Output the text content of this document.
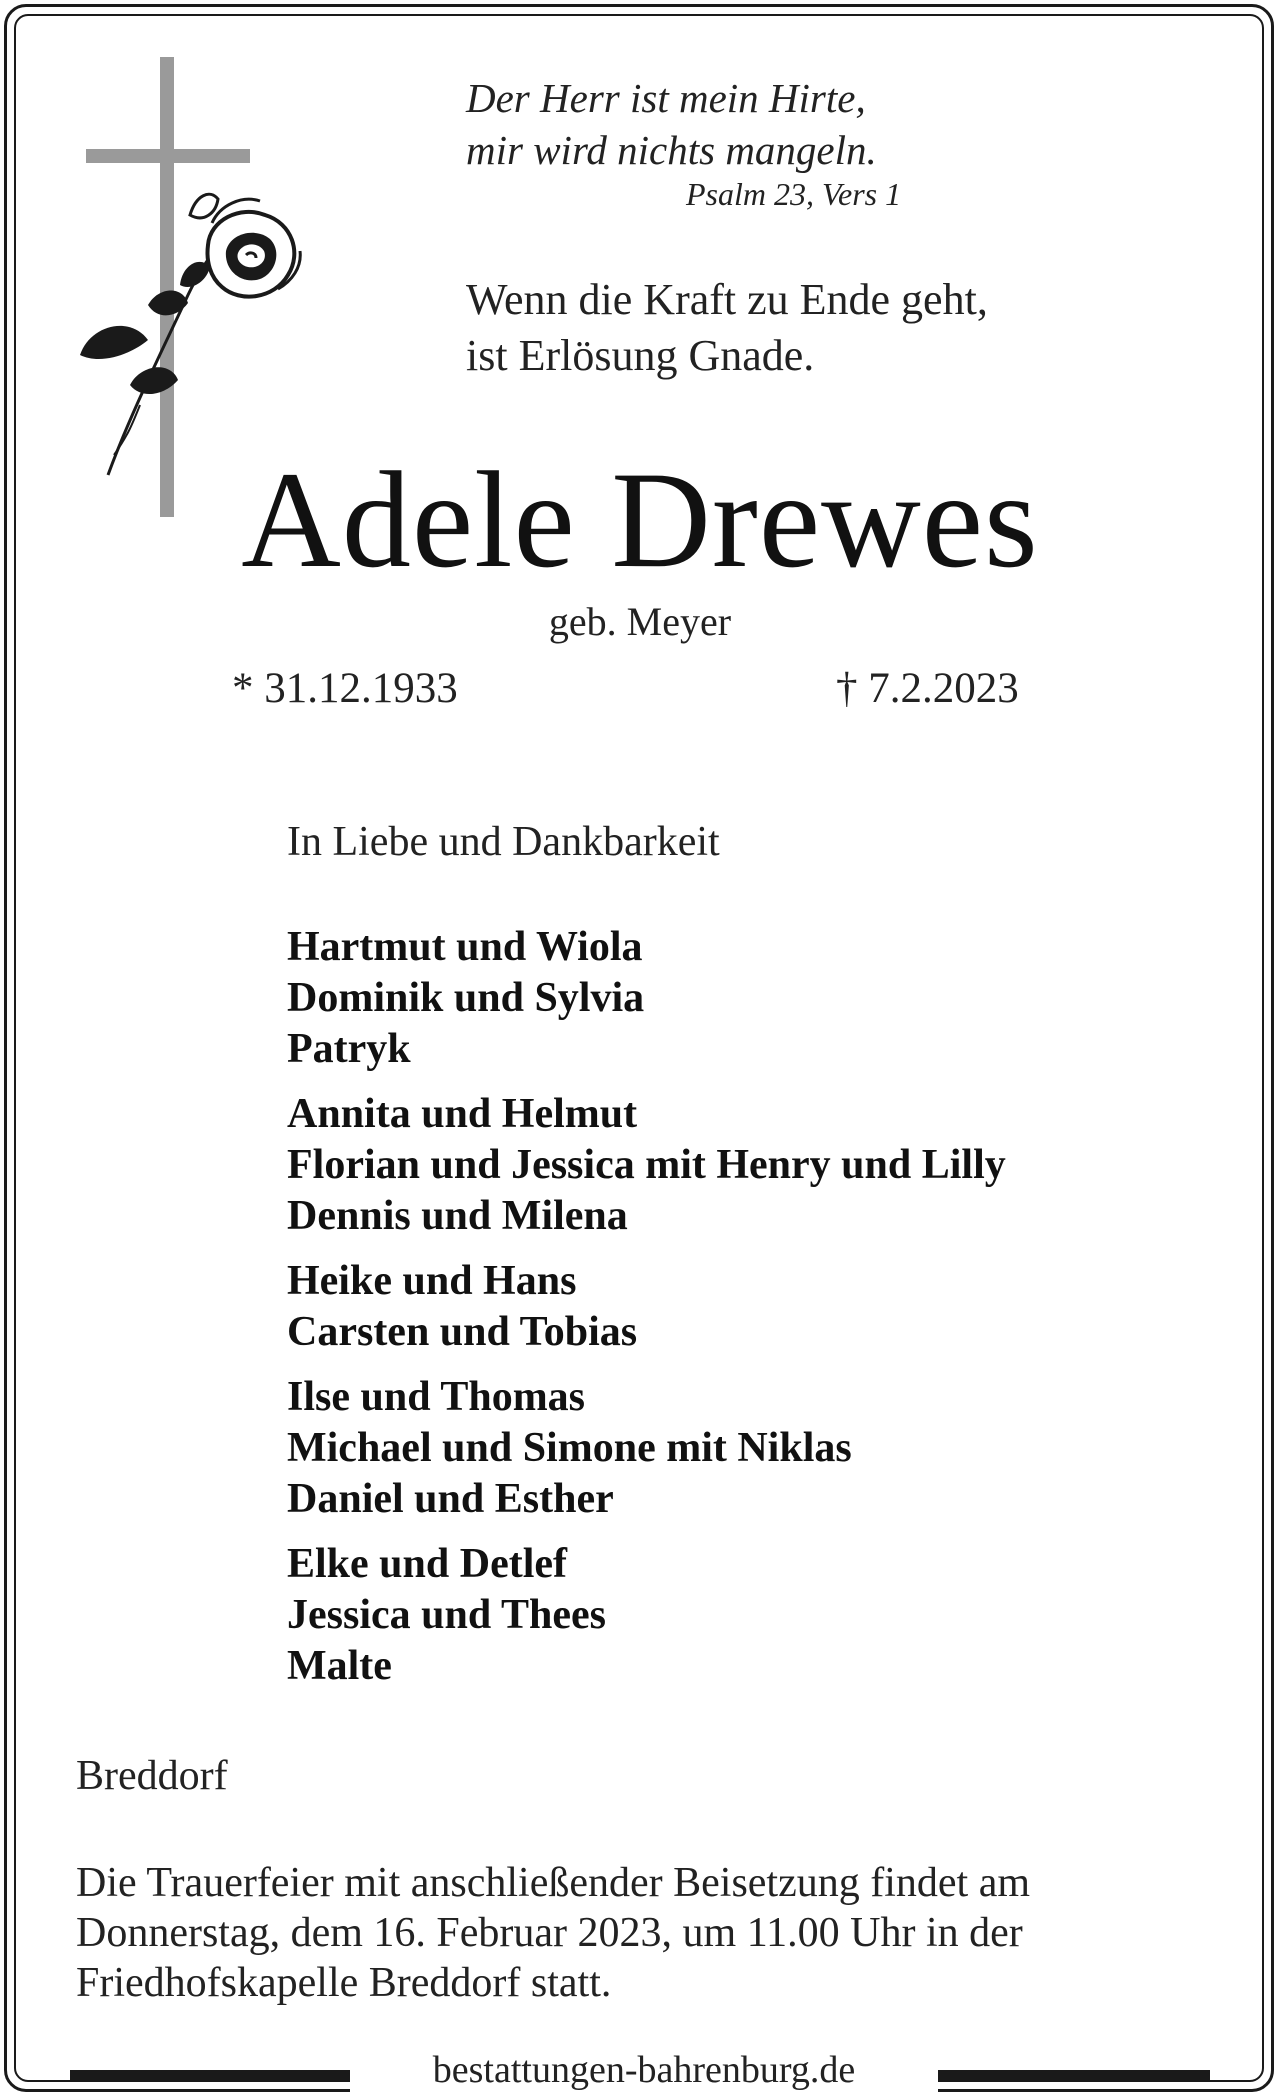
Der Herr ist mein Hirte,
mir wird nichts mangeln.
Psalm 23, Vers 1
Wenn die Kraft zu Ende geht,
ist Erlösung Gnade.
Adele Drewes
geb. Meyer
* 31.12.1933	† 7.2.2023
In Liebe und Dankbarkeit
Hartmut und Wiola
Dominik und Sylvia
Patryk
Annita und Helmut
Florian und Jessica mit Henry und Lilly
Dennis und Milena
Heike und Hans
Carsten und Tobias
Ilse und Thomas
Michael und Simone mit Niklas
Daniel und Esther
Elke und Detlef
Jessica und Thees
Malte
Breddorf
Die Trauerfeier mit anschließender Beisetzung findet am
Donnerstag, dem 16. Februar 2023, um 11.00 Uhr in der
Friedhofskapelle Breddorf statt.
bestattungen-bahrenburg.de
